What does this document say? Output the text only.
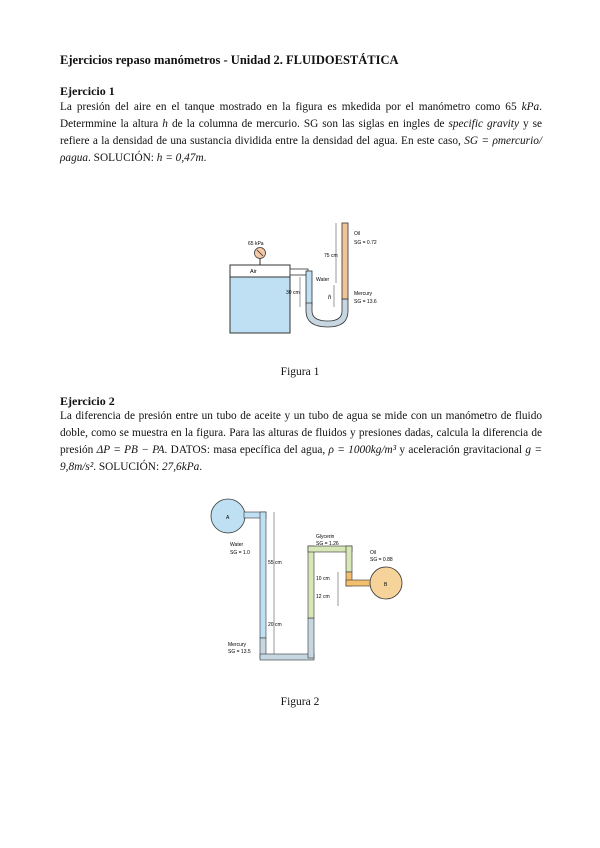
Ejercicios repaso manómetros - Unidad 2. FLUIDOESTÁTICA
Ejercicio 1

La presión del aire en el tanque mostrado en la figura es mkedida por el manómetro como 65 kPa. Determmine la altura h de la columna de mercurio. SG son las siglas en ingles de specific gravity y se refiere a la densidad de una sustancia dividida entre la densidad del agua. En este caso, SG = ρmercurio/ρagua. SOLUCIÓN: h = 0,47m.

Air
65 kPa
75 cm
30 cm
h
Water
Oil
SG = 0.72
Mercury
SG = 13.6
Figura 1
Ejercicio 2

La diferencia de presión entre un tubo de aceite y un tubo de agua se mide con un manómetro de fluido doble, como se muestra en la figura. Para las alturas de fluidos y presiones dadas, calcula la diferencia de presión ΔP = PB − PA. DATOS: masa epecífica del agua, ρ = 1000kg/m³ y aceleración gravitacional g = 9,8m/s². SOLUCIÓN: 27,6kPa.

A
B
55 cm
20 cm
10 cm
12 cm
Water
SG = 1.0
Glycerin
SG = 1.26
Oil
SG = 0.88
Mercury
SG = 13.5
Figura 2
